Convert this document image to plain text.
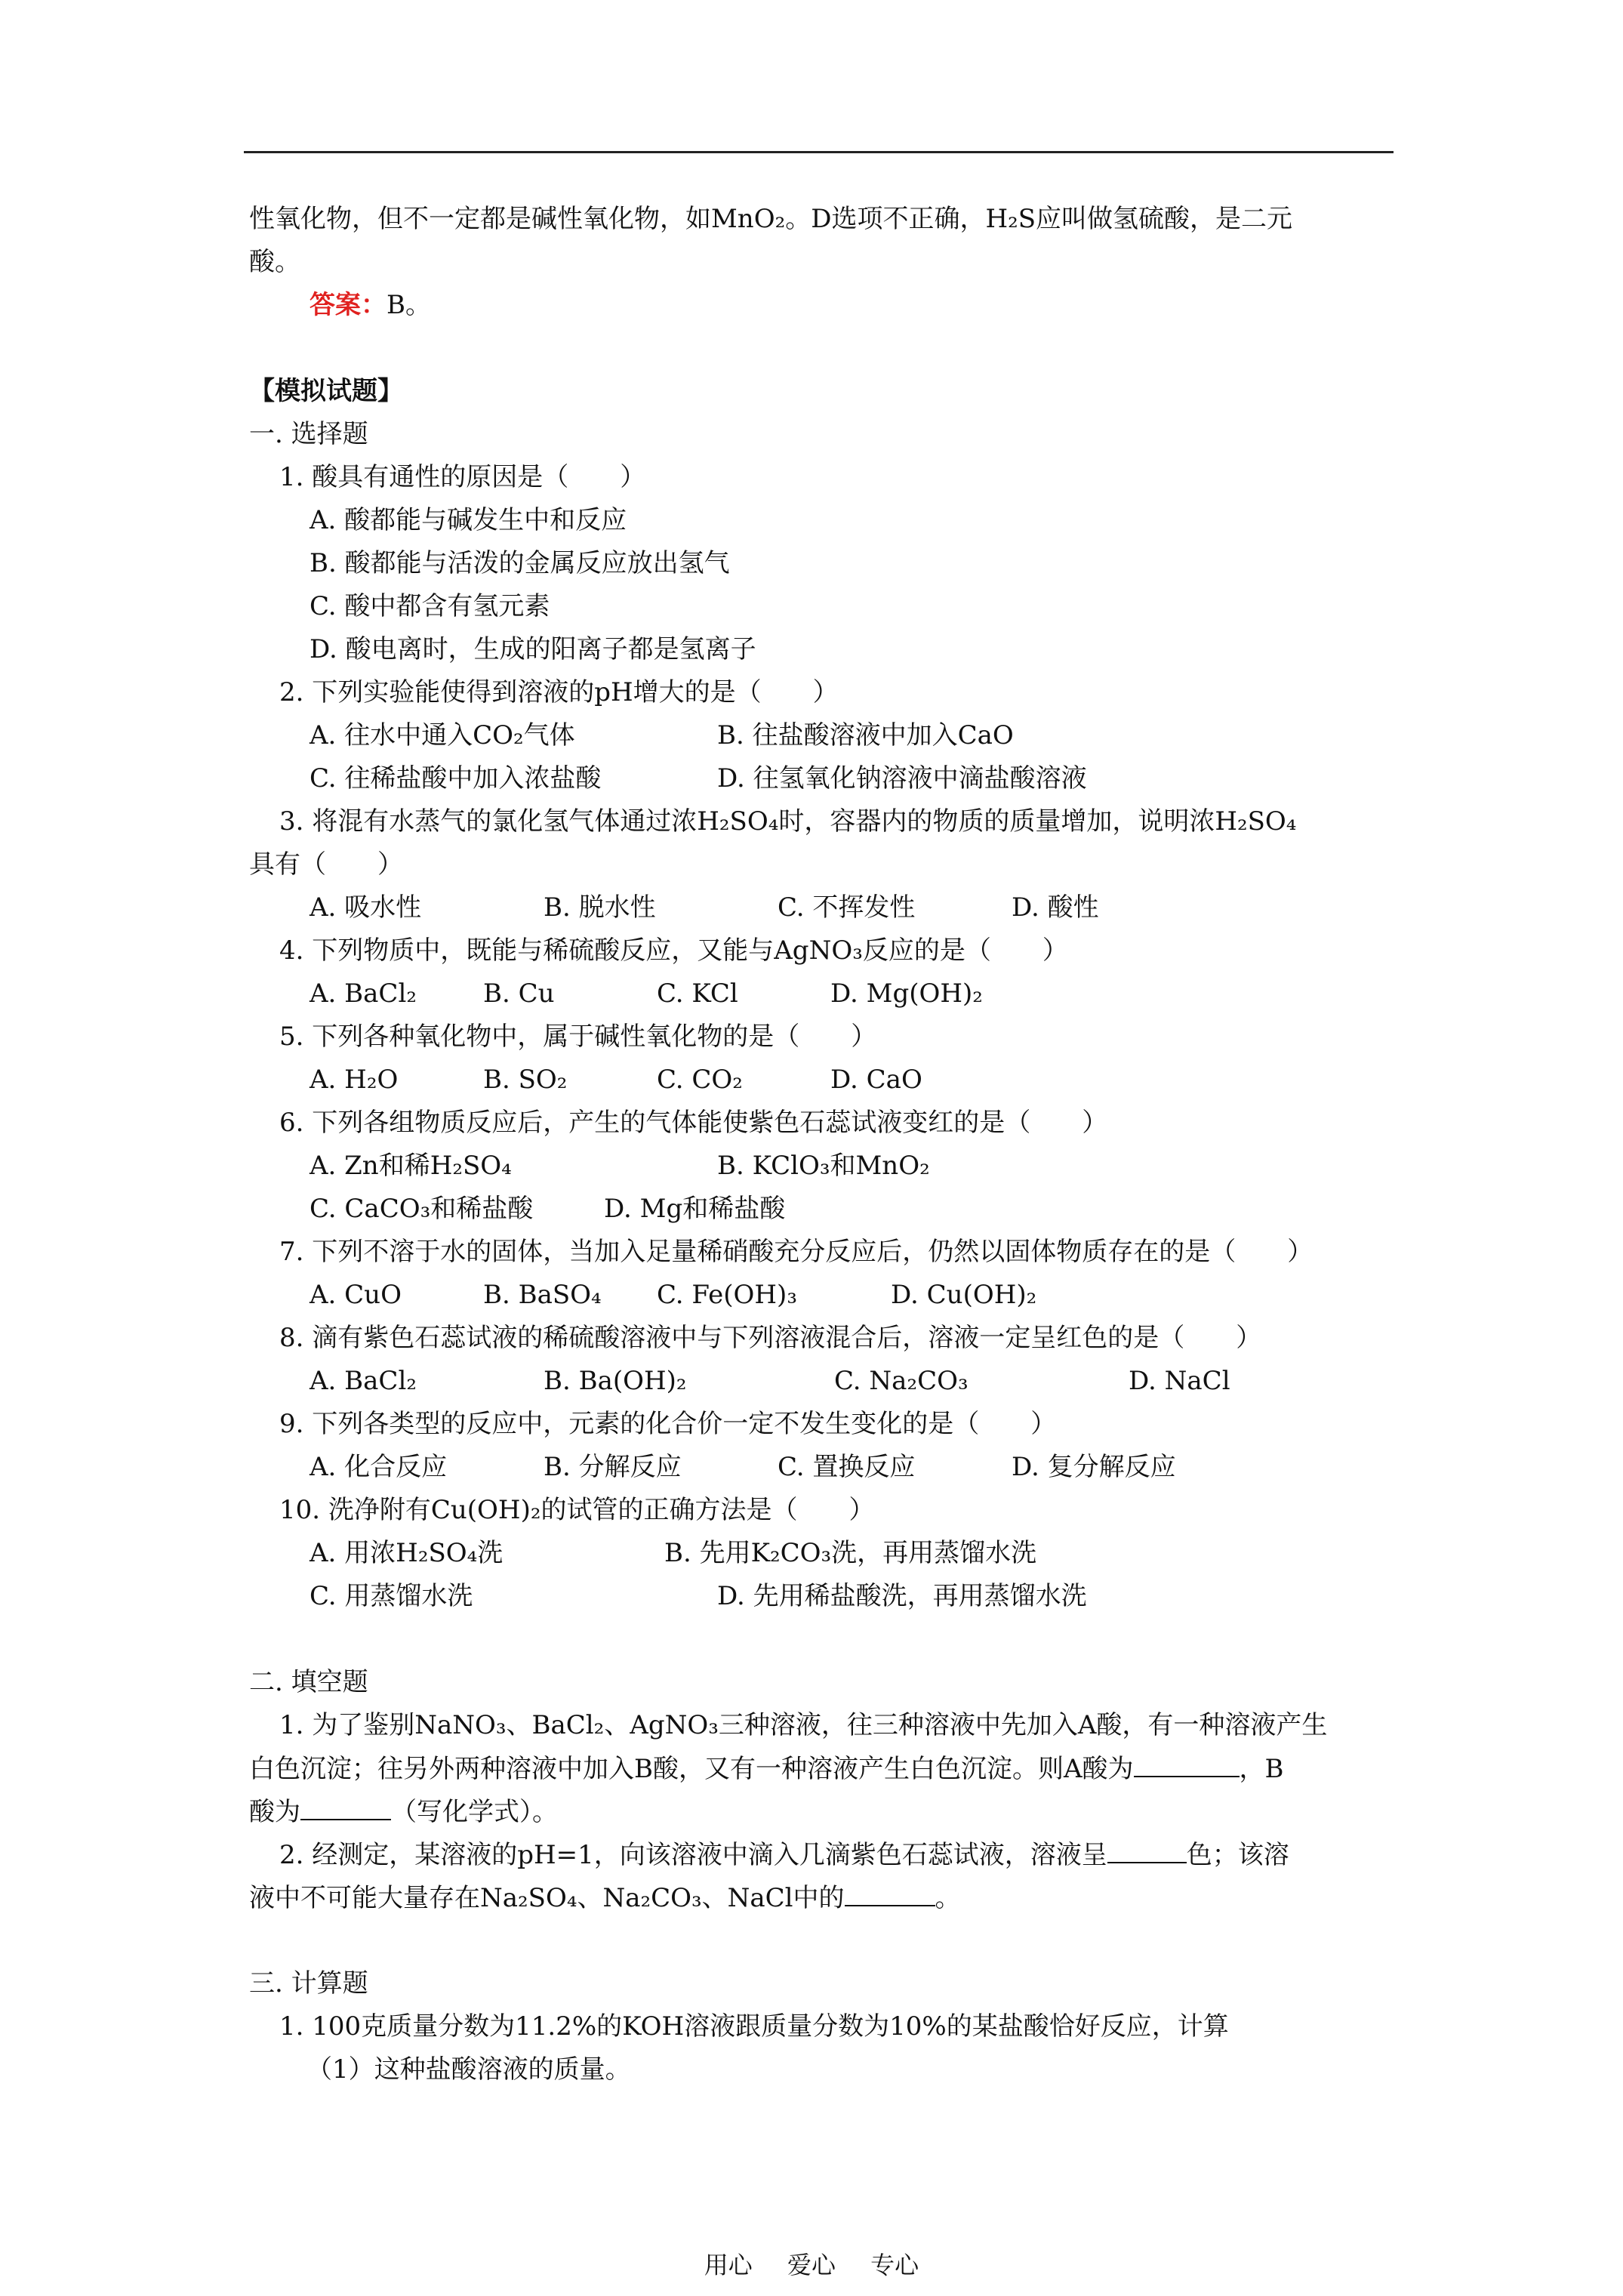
性氧化物，但不一定都是碱性氧化物，如MnO₂。D选项不正确，H₂S应叫做氢硫酸，是二元
酸。
答案：B。
【模拟试题】
一. 选择题
1. 酸具有通性的原因是（　　）
A. 酸都能与碱发生中和反应
B. 酸都能与活泼的金属反应放出氢气
C. 酸中都含有氢元素
D. 酸电离时，生成的阳离子都是氢离子
2. 下列实验能使得到溶液的pH增大的是（　　）
A. 往水中通入CO₂气体	B. 往盐酸溶液中加入CaO
C. 往稀盐酸中加入浓盐酸	D. 往氢氧化钠溶液中滴盐酸溶液
3. 将混有水蒸气的氯化氢气体通过浓H₂SO₄时，容器内的物质的质量增加，说明浓H₂SO₄
具有（　　）
A. 吸水性	B. 脱水性	C. 不挥发性	D. 酸性
4. 下列物质中，既能与稀硫酸反应，又能与AgNO₃反应的是（　　）
A. BaCl₂	B. Cu	C. KCl	D. Mg(OH)₂
5. 下列各种氧化物中，属于碱性氧化物的是（　　）
A. H₂O	B. SO₂	C. CO₂	D. CaO
6. 下列各组物质反应后，产生的气体能使紫色石蕊试液变红的是（　　）
A. Zn和稀H₂SO₄	B. KClO₃和MnO₂
C. CaCO₃和稀盐酸	D. Mg和稀盐酸
7. 下列不溶于水的固体，当加入足量稀硝酸充分反应后，仍然以固体物质存在的是（　　）
A. CuO	B. BaSO₄ C. Fe(OH)₃	D. Cu(OH)₂
8. 滴有紫色石蕊试液的稀硫酸溶液中与下列溶液混合后，溶液一定呈红色的是（　　）
A. BaCl₂	B. Ba(OH)₂	C. Na₂CO₃	D. NaCl
9. 下列各类型的反应中，元素的化合价一定不发生变化的是（　　）
A. 化合反应	B. 分解反应	C. 置换反应	D. 复分解反应
10. 洗净附有Cu(OH)₂的试管的正确方法是（　　）
A. 用浓H₂SO₄洗	B. 先用K₂CO₃洗，再用蒸馏水洗
C. 用蒸馏水洗	D. 先用稀盐酸洗，再用蒸馏水洗
二. 填空题
1. 为了鉴别NaNO₃、BaCl₂、AgNO₃三种溶液，往三种溶液中先加入A酸，有一种溶液产生
白色沉淀；往另外两种溶液中加入B酸，又有一种溶液产生白色沉淀。则A酸为	，B
酸为	（写化学式）。
2. 经测定，某溶液的pH=1，向该溶液中滴入几滴紫色石蕊试液，溶液呈	色；该溶
液中不可能大量存在Na₂SO₄、Na₂CO₃、NaCl中的	。
三. 计算题
1. 100克质量分数为11.2%的KOH溶液跟质量分数为10%的某盐酸恰好反应，计算
（1）这种盐酸溶液的质量。
用心 爱心 专心
